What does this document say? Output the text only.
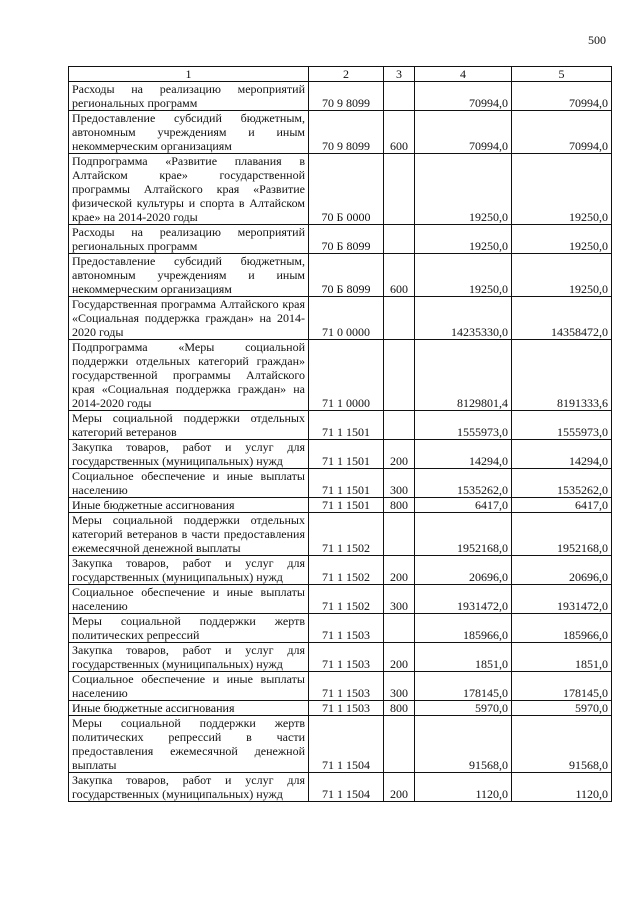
500
1	2	3	4	5
Расходы на реализацию мероприятий региональных программ	70 9 8099		70994,0	70994,0
Предоставление субсидий бюджетным, автономным учреждениям и иным некоммерческим организациям	70 9 8099	600	70994,0	70994,0
Подпрограмма «Развитие плавания в Алтайском крае» государственной программы Алтайского края «Развитие физической культуры и спорта в Алтайском крае» на 2014-2020 годы	70 Б 0000		19250,0	19250,0
Расходы на реализацию мероприятий региональных программ	70 Б 8099		19250,0	19250,0
Предоставление субсидий бюджетным, автономным учреждениям и иным некоммерческим организациям	70 Б 8099	600	19250,0	19250,0
Государственная программа Алтайского края «Социальная поддержка граждан» на 2014-2020 годы	71 0 0000		14235330,0	14358472,0
Подпрограмма «Меры социальной поддержки отдельных категорий граждан» государственной программы Алтайского края «Социальная поддержка граждан» на 2014-2020 годы	71 1 0000		8129801,4	8191333,6
Меры социальной поддержки отдельных категорий ветеранов	71 1 1501		1555973,0	1555973,0
Закупка товаров, работ и услуг для государственных (муниципальных) нужд	71 1 1501	200	14294,0	14294,0
Социальное обеспечение и иные выплаты населению	71 1 1501	300	1535262,0	1535262,0
Иные бюджетные ассигнования	71 1 1501	800	6417,0	6417,0
Меры социальной поддержки отдельных категорий ветеранов в части предоставления ежемесячной денежной выплаты	71 1 1502		1952168,0	1952168,0
Закупка товаров, работ и услуг для государственных (муниципальных) нужд	71 1 1502	200	20696,0	20696,0
Социальное обеспечение и иные выплаты населению	71 1 1502	300	1931472,0	1931472,0
Меры социальной поддержки жертв политических репрессий	71 1 1503		185966,0	185966,0
Закупка товаров, работ и услуг для государственных (муниципальных) нужд	71 1 1503	200	1851,0	1851,0
Социальное обеспечение и иные выплаты населению	71 1 1503	300	178145,0	178145,0
Иные бюджетные ассигнования	71 1 1503	800	5970,0	5970,0
Меры социальной поддержки жертв политических репрессий в части предоставления ежемесячной денежной выплаты	71 1 1504		91568,0	91568,0
Закупка товаров, работ и услуг для государственных (муниципальных) нужд	71 1 1504	200	1120,0	1120,0
